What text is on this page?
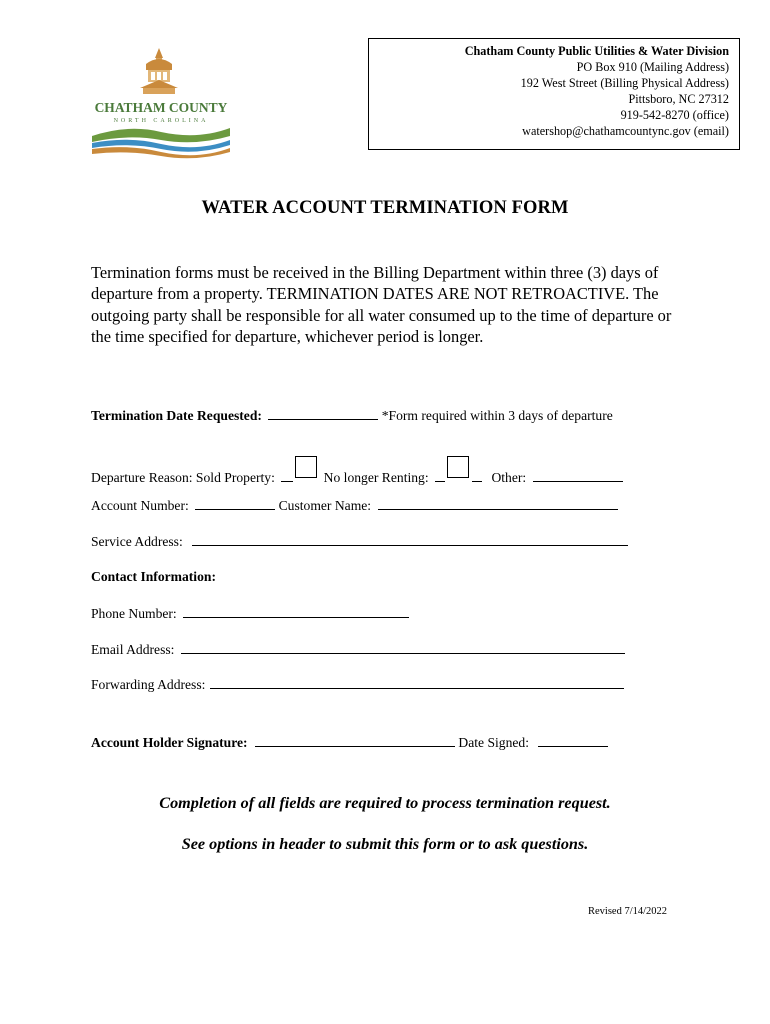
CHATHAM COUNTY
NORTH CAROLINA
Chatham County Public Utilities & Water Division
PO Box 910 (Mailing Address)
192 West Street (Billing Physical Address)
Pittsboro, NC 27312
919-542-8270 (office)
watershop@chathamcountync.gov (email)
WATER ACCOUNT TERMINATION FORM
Termination forms must be received in the Billing Department within three (3) days of departure from a property. TERMINATION DATES ARE NOT RETROACTIVE. The outgoing party shall be responsible for all water consumed up to the time of departure or the time specified for departure, whichever period is longer.
Termination Date Requested:	*Form required within 3 days of departure
Departure Reason: Sold Property:	No longer Renting:	Other:
Account Number:	Customer Name:
Service Address:
Contact Information:
Phone Number:
Email Address:
Forwarding Address:
Account Holder Signature:	Date Signed:
Completion of all fields are required to process termination request.
See options in header to submit this form or to ask questions.
Revised 7/14/2022
